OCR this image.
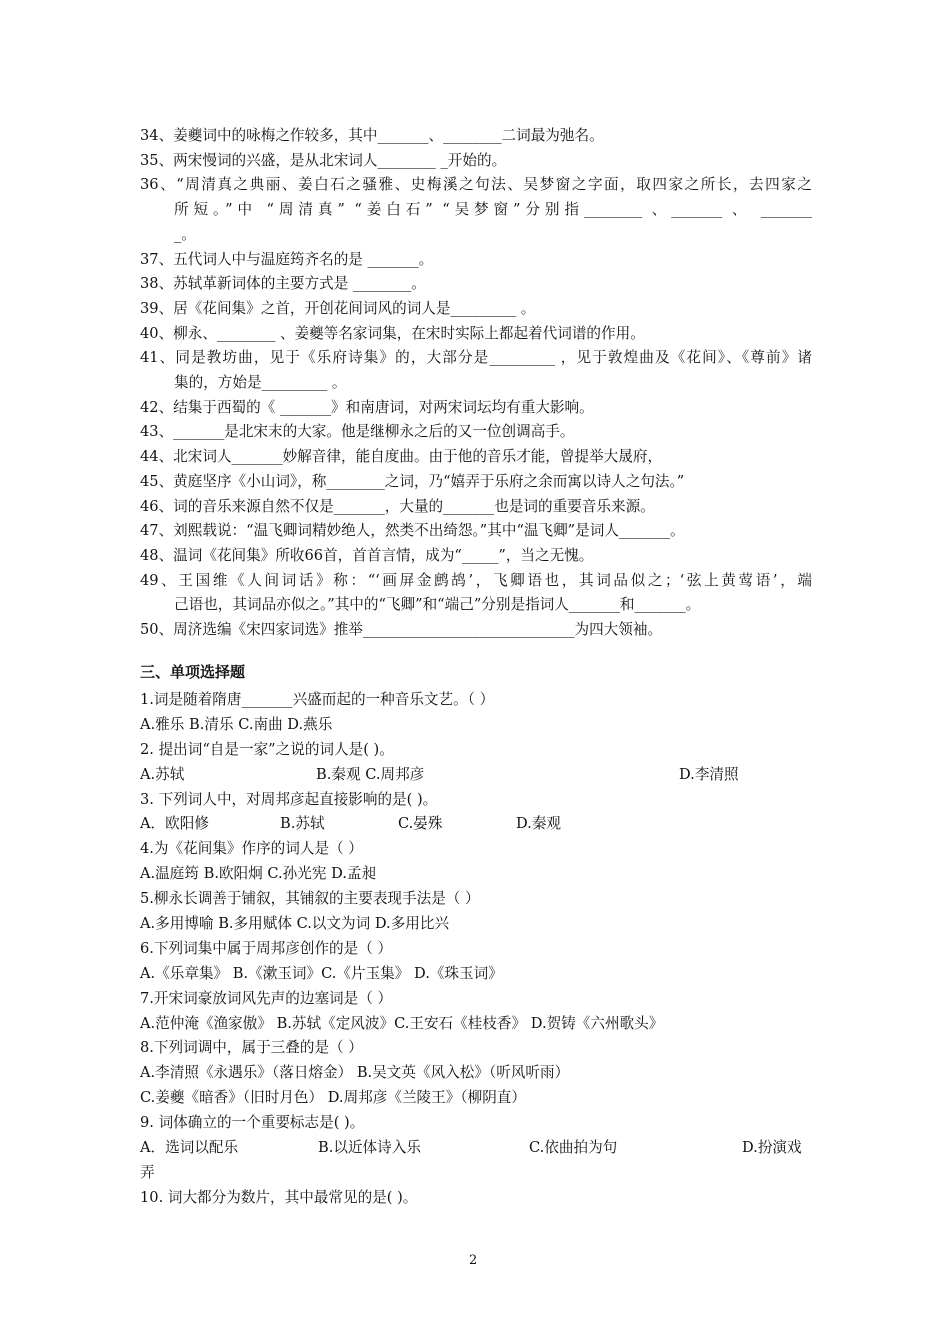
34、姜夔词中的咏梅之作较多，其中_______、________二词最为弛名。
35、两宋慢词的兴盛，是从北宋词人________ _开始的。
36、“周清真之典丽、姜白石之骚雅、史梅溪之句法、吴梦窗之字面，取四家之所长，去四家之
所短。”中 “周清真” “姜白石” “吴梦窗”分别指________ 、_______ 、 _______
_。
37、五代词人中与温庭筠齐名的是 _______。
38、苏轼革新词体的主要方式是 ________。
39、居《花间集》之首，开创花间词风的词人是_________ 。
40、柳永、________ 、姜夔等名家词集，在宋时实际上都起着代词谱的作用。
41、同是教坊曲，见于《乐府诗集》的，大部分是_________ ，见于敦煌曲及《花间》、《尊前》诸
集的，方始是_________ 。
42、结集于西蜀的《 _______》和南唐词，对两宋词坛均有重大影响。
43、_______是北宋末的大家。他是继柳永之后的又一位创调高手。
44、北宋词人_______妙解音律，能自度曲。由于他的音乐才能，曾提举大晟府，
45、黄庭坚序《小山词》，称________之词，乃“嬉弄于乐府之余而寓以诗人之句法。”
46、词的音乐来源自然不仅是_______，大量的_______也是词的重要音乐来源。
47、刘熙载说：“温飞卿词精妙绝人，然类不出绮怨。”其中“温飞卿”是词人_______。
48、温词《花间集》所收66首，首首言情，成为“_____”，当之无愧。
49、王国维《人间词话》称：“‘画屏金鹧鸪’，飞卿语也，其词品似之；‘弦上黄莺语’，端
己语也，其词品亦似之。”其中的“飞卿”和“端己”分别是指词人_______和_______。
50、周济选编《宋四家词选》推举_____________________________为四大领袖。
三、单项选择题
1.词是随着隋唐_______兴盛而起的一种音乐文艺。（ ）
A.雅乐 B.清乐 C.南曲 D.燕乐
2. 提出词“自是一家”之说的词人是( )。
A.苏轼	B.秦观 C.周邦彦	D.李清照
3. 下列词人中，对周邦彦起直接影响的是( )。
A．欧阳修	B.苏轼	C.晏殊	D.秦观
4.为《花间集》作序的词人是（ ）
A.温庭筠 B.欧阳炯 C.孙光宪 D.孟昶
5.柳永长调善于铺叙，其铺叙的主要表现手法是（ ）
A.多用博喻 B.多用赋体 C.以文为词 D.多用比兴
6.下列词集中属于周邦彦创作的是（ ）
A.《乐章集》 B.《漱玉词》C.《片玉集》 D.《珠玉词》
7.开宋词豪放词风先声的边塞词是（ ）
A.范仲淹《渔家傲》 B.苏轼《定风波》C.王安石《桂枝香》 D.贺铸《六州歌头》
8.下列词调中，属于三叠的是（ ）
A.李清照《永遇乐》（落日熔金） B.吴文英《风入松》（听风听雨）
C.姜夔《暗香》（旧时月色） D.周邦彦《兰陵王》（柳阴直）
9. 词体确立的一个重要标志是( )。
A．选词以配乐	B.以近体诗入乐	C.依曲拍为句	D.扮演戏
弄
10. 词大都分为数片，其中最常见的是( )。
2
